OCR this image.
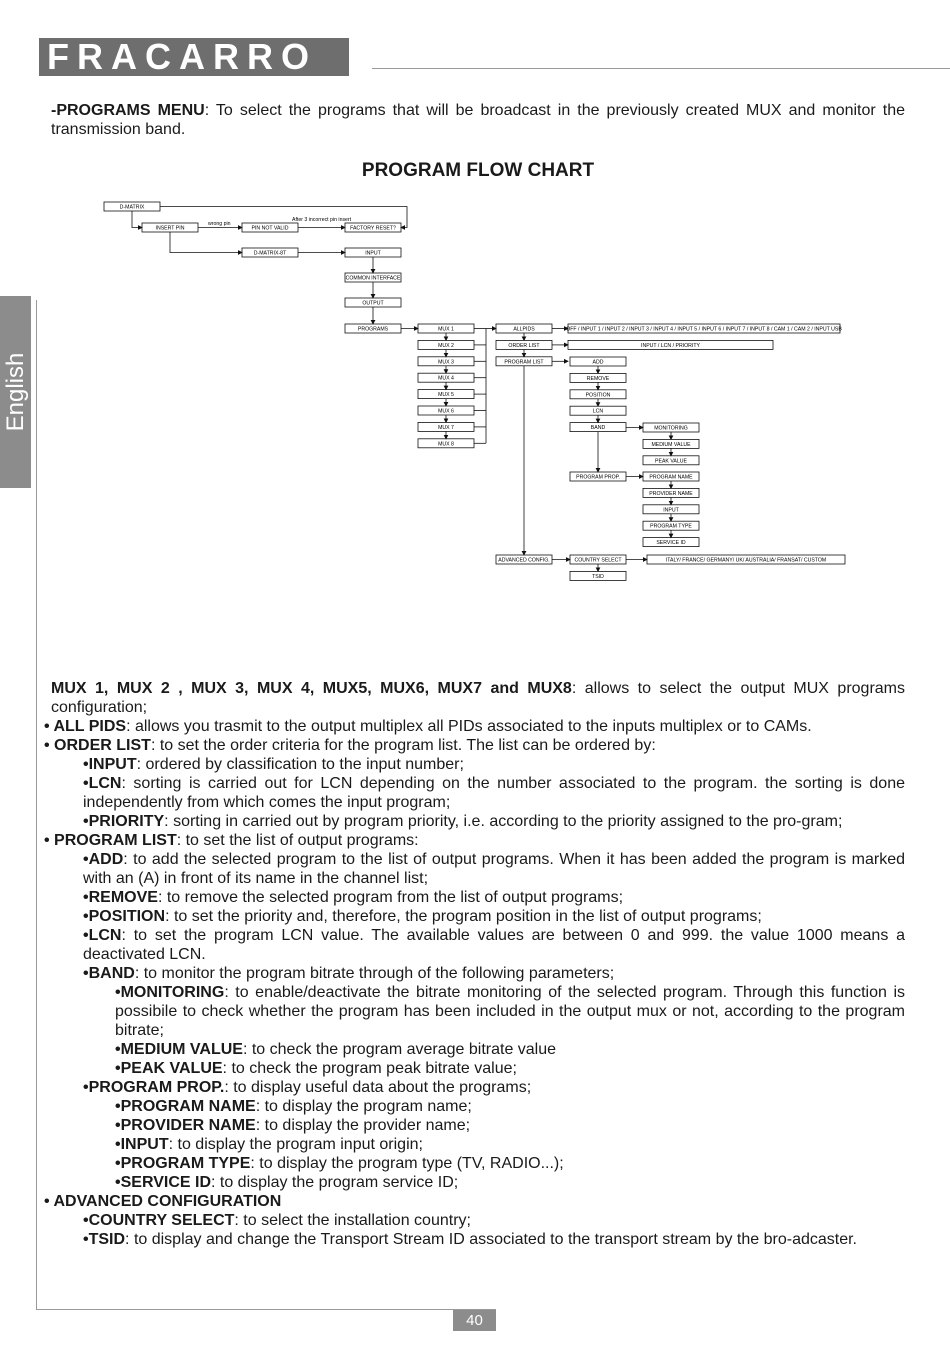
FRACARRO
English
40
-PROGRAMS MENU: To select the programs that will be broadcast in the previously created MUX and monitor the transmission band.
PROGRAM FLOW CHART
D-MATRIX
INSERT PIN	PIN NOT VALID	FACTORY RESET?
wrong pin
After 3 incorrect pin insert
D-MATRIX-8T	INPUT
COMMON INTERFACE
OUTPUT
PROGRAMS	MUX 1
MUX 2
MUX 3
MUX 4
MUX 5
MUX 6
MUX 7
MUX 8
ALLPIDS
ORDER LIST
PROGRAM LIST
ADVANCED CONFIG.
OFF / INPUT 1 / INPUT 2 / INPUT 3 / INPUT 4 / INPUT 5 / INPUT 6 / INPUT 7 / INPUT 8 / CAM 1 / CAM 2 / INPUT USB
INPUT / LCN / PRIORITY
ADD
REMOVE
POSITION
LCN
BAND
PROGRAM PROP.
MONITORING
MEDIUM VALUE
PEAK VALUE
PROGRAM NAME
PROVIDER NAME
INPUT
PROGRAM TYPE
SERVICE ID
COUNTRY SELECT
TSID
ITALY/ FRANCE/ GERMANY/ UK/ AUSTRALIA/ FRANSAT/ CUSTOM
MUX 1, MUX 2 , MUX 3, MUX 4, MUX5, MUX6, MUX7 and MUX8: allows to select the output MUX programs configuration;
• ALL PIDS: allows you trasmit to the output multiplex all PIDs associated to the inputs multiplex or to CAMs.
• ORDER LIST: to set the order criteria for the program list. The list can be ordered by:
•INPUT: ordered by classification to the input number;
•LCN: sorting is carried out for LCN depending on the number associated to the program. the sorting is done independently from which comes the input program;
•PRIORITY: sorting in carried out by program priority, i.e. according to the priority assigned to the pro-gram;
• PROGRAM LIST: to set the list of output programs:
•ADD: to add the selected program to the list of output programs. When it has been added the program is marked with an (A) in front of its name in the channel list;
•REMOVE: to remove the selected program from the list of output programs;
•POSITION: to set the priority and, therefore, the program position in the list of output programs;
•LCN: to set the program LCN value. The available values are between 0 and 999. the value 1000 means a deactivated LCN.
•BAND: to monitor the program bitrate through of the following parameters;
•MONITORING: to enable/deactivate the bitrate monitoring of the selected program. Through this function is possibile to check whether the program has been included in the output mux or not, according to the program bitrate;
•MEDIUM VALUE: to check the program average bitrate value
•PEAK VALUE: to check the program peak bitrate value;
•PROGRAM PROP.: to display useful data about the programs;
•PROGRAM NAME: to display the program name;
•PROVIDER NAME: to display the provider name;
•INPUT: to display the program input origin;
•PROGRAM TYPE: to display the program type (TV, RADIO...);
•SERVICE ID: to display the program service ID;
• ADVANCED CONFIGURATION
•COUNTRY SELECT: to select the installation country;
•TSID: to display and change the Transport Stream ID associated to the transport stream by the bro-adcaster.
